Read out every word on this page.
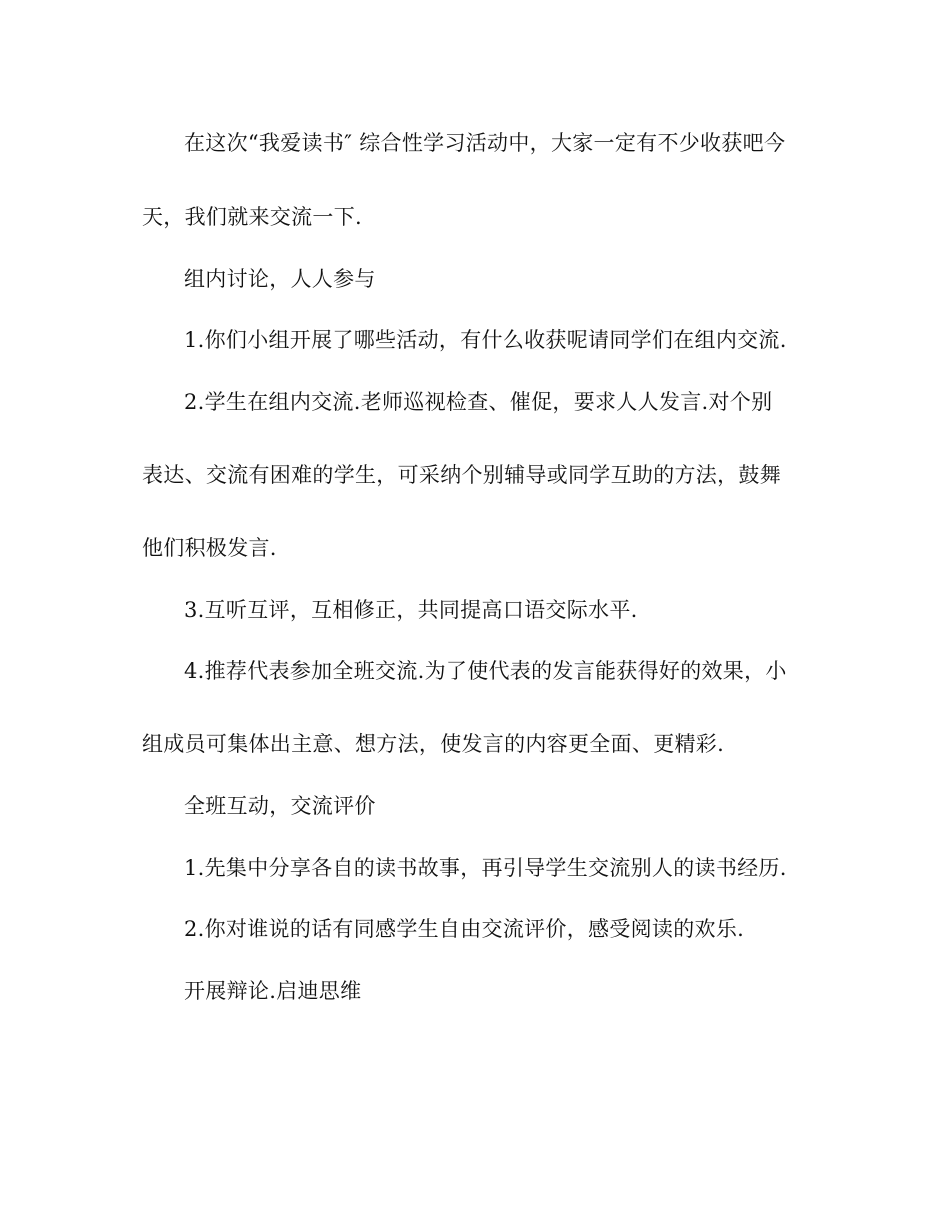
在这次“我爱读书″ 综合性学习活动中，大家一定有不少收获吧今
天，我们就来交流一下.
组内讨论，人人参与
1.你们小组开展了哪些活动，有什么收获呢请同学们在组内交流.
2.学生在组内交流.老师巡视检查、催促，要求人人发言.对个别
表达、交流有困难的学生，可采纳个别辅导或同学互助的方法，鼓舞
他们积极发言.
3.互听互评，互相修正，共同提高口语交际水平.
4.推荐代表参加全班交流.为了使代表的发言能获得好的效果，小
组成员可集体出主意、想方法，使发言的内容更全面、更精彩.
全班互动，交流评价
1.先集中分享各自的读书故事，再引导学生交流别人的读书经历.
2.你对谁说的话有同感学生自由交流评价，感受阅读的欢乐.
开展辩论.启迪思维
